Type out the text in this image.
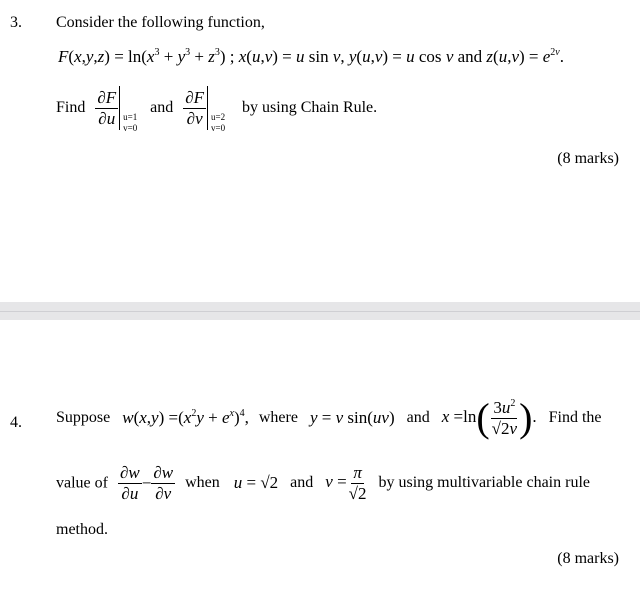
3. Consider the following function,
$F(x,y,z) = \ln(x^3 + y^3 + z^3)$ ; x(u,v) = u sin v, y(u,v) = u cos v and $z(u,v) = e^{2v}$.
Find $\frac{\partial F}{\partial u} u=1$
v=0
and $\frac{\partial F}{\partial v} u=2$
v=0
by using Chain Rule.
(8 marks)
4. Suppose $w(x,y) =(x^2y + e^x)^4$, where y = v sin(uv) and $x =\ln( \frac{3u^2}{√2v}$ ). Find the
value of $\frac{\partial w}{\partial u} - \frac{\partial w}{\partial v}$ when u = √2 and $v = \frac{\pi}{√2}$ by using multivariable chain rule
method.
(8 marks)
